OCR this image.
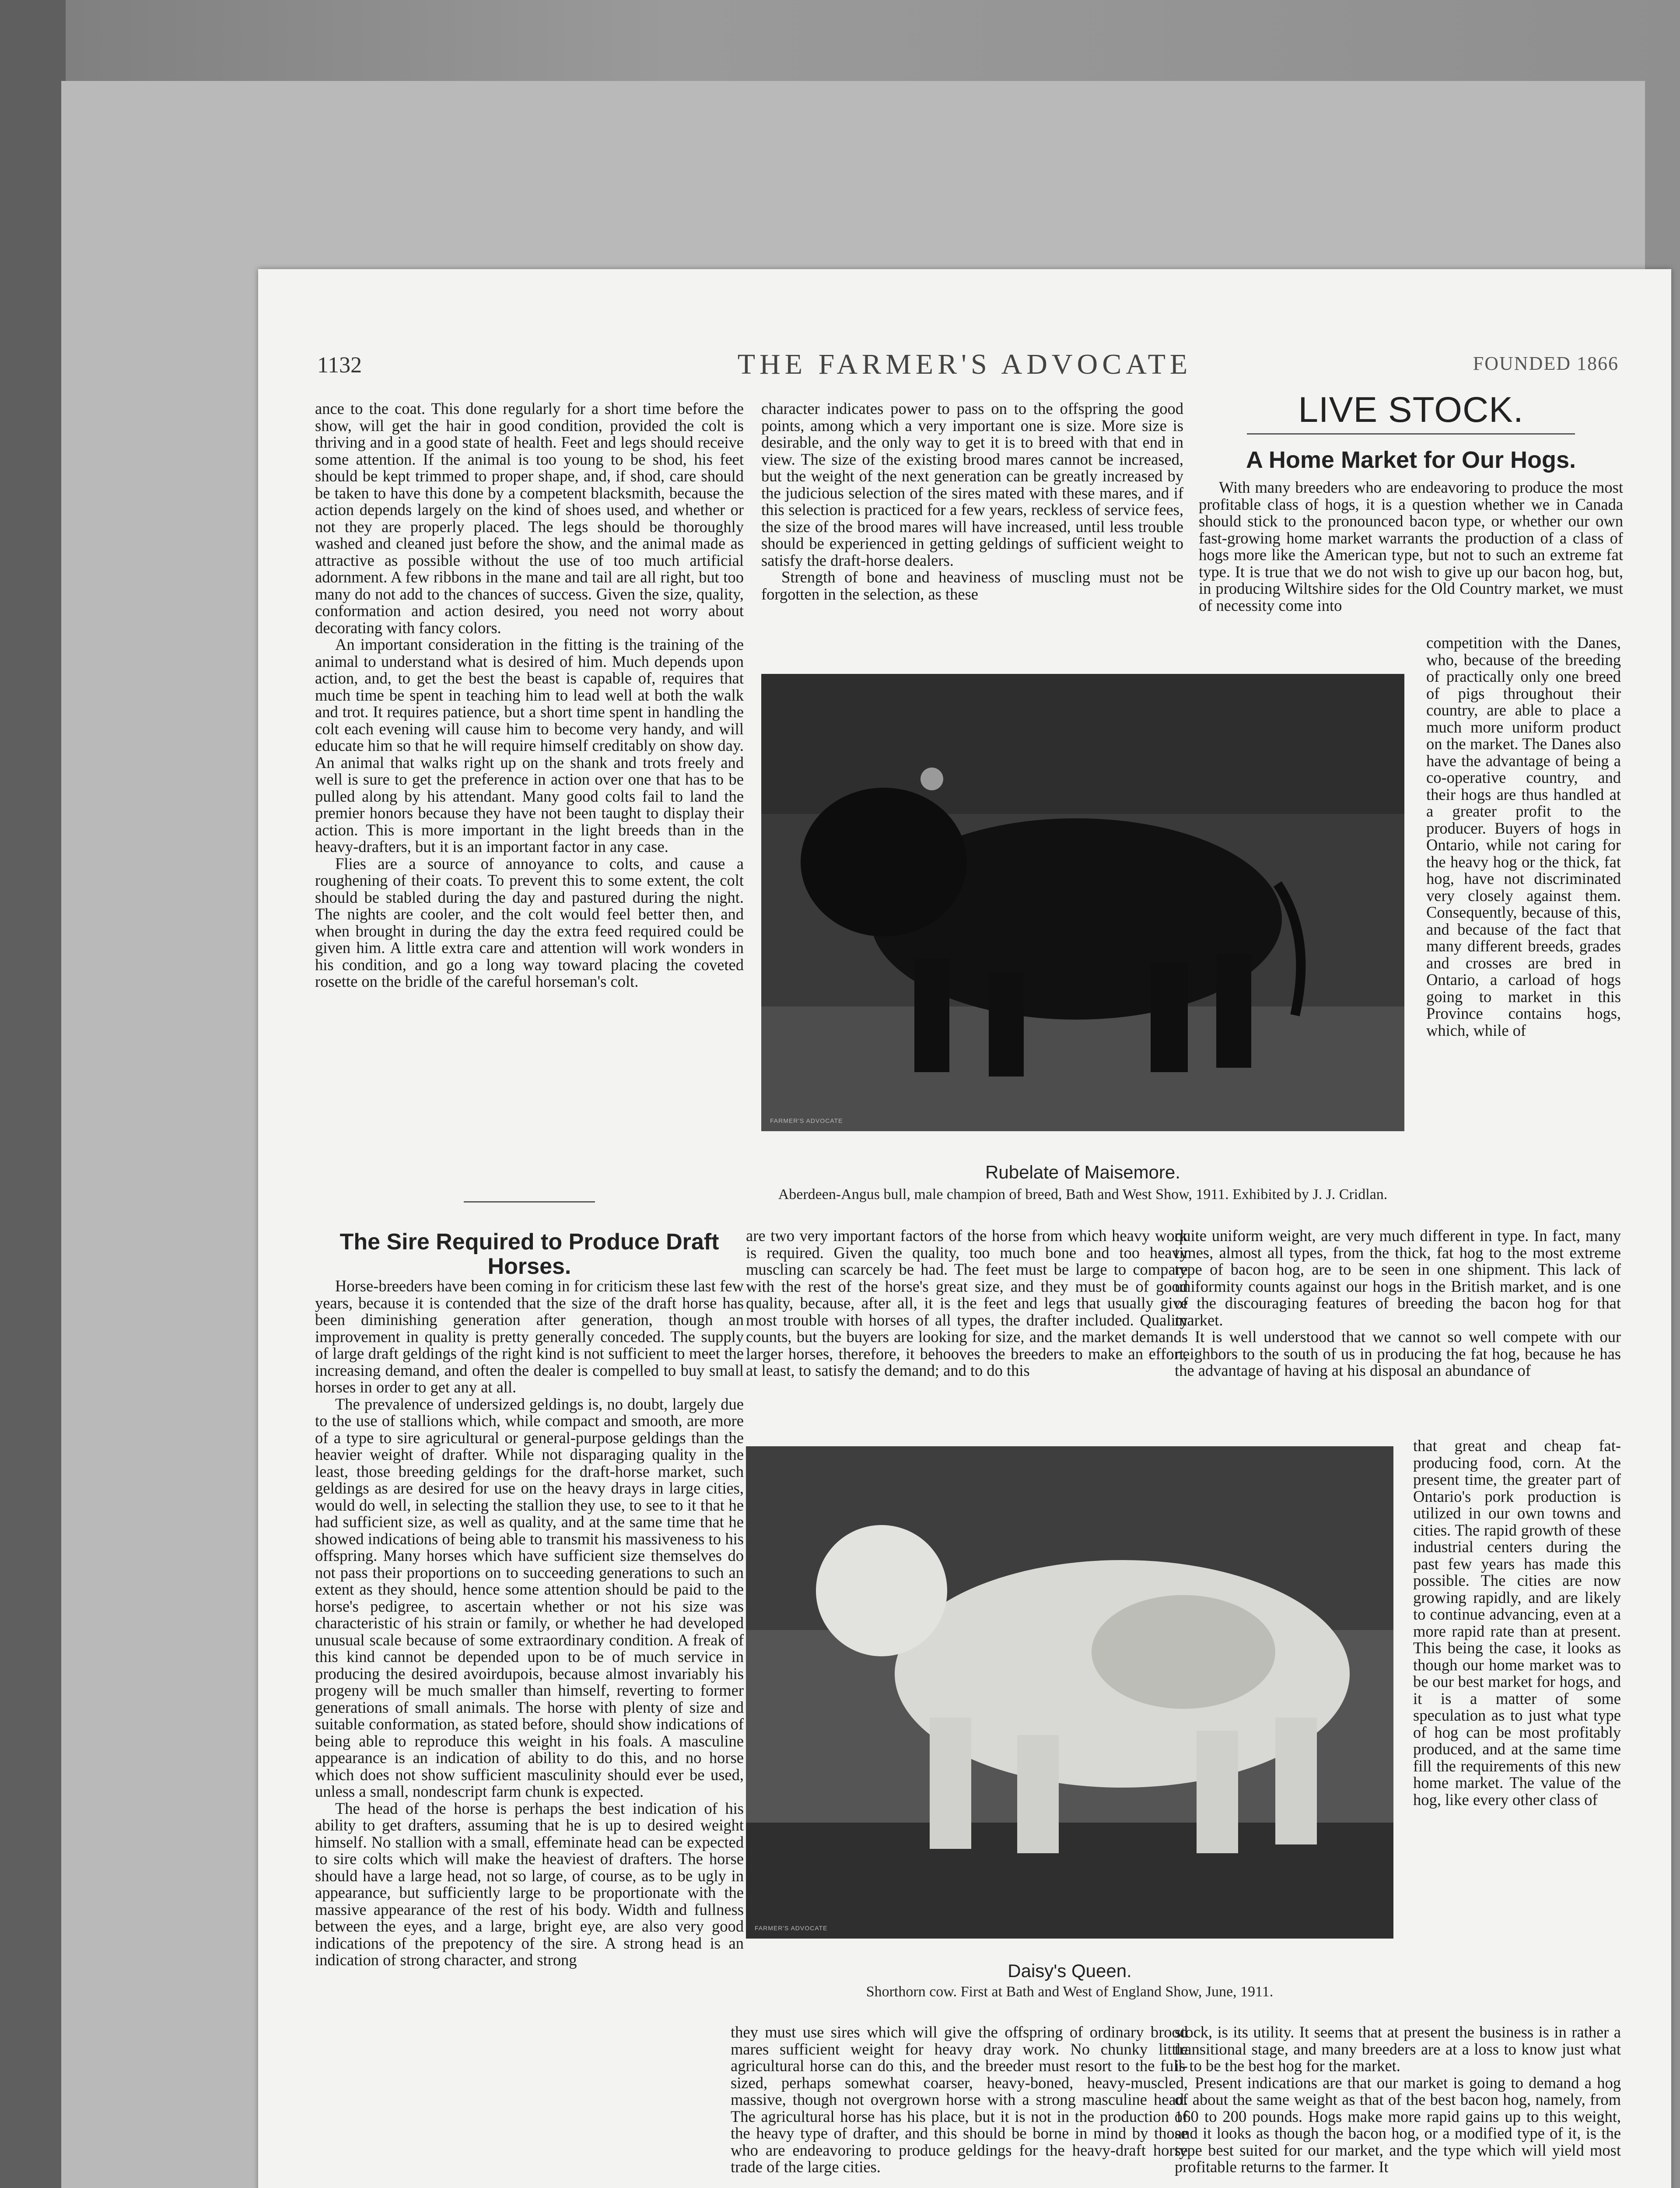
1132	THE FARMER'S ADVOCATE	FOUNDED 1866

ance to the coat. This done regularly for a short time before the show, will get the hair in good condition, provided the colt is thriving and in a good state of health. Feet and legs should receive some attention. If the animal is too young to be shod, his feet should be kept trimmed to proper shape, and, if shod, care should be taken to have this done by a competent blacksmith, because the action depends largely on the kind of shoes used, and whether or not they are properly placed. The legs should be thoroughly washed and cleaned just before the show, and the animal made as attractive as possible without the use of too much artificial adornment. A few ribbons in the mane and tail are all right, but too many do not add to the chances of success. Given the size, quality, conformation and action desired, you need not worry about decorating with fancy colors.

An important consideration in the fitting is the training of the animal to understand what is desired of him. Much depends upon action, and, to get the best the beast is capable of, requires that much time be spent in teaching him to lead well at both the walk and trot. It requires patience, but a short time spent in handling the colt each evening will cause him to become very handy, and will educate him so that he will require himself creditably on show day. An animal that walks right up on the shank and trots freely and well is sure to get the preference in action over one that has to be pulled along by his attendant. Many good colts fail to land the premier honors because they have not been taught to display their action. This is more important in the light breeds than in the heavy-drafters, but it is an important factor in any case.

Flies are a source of annoyance to colts, and cause a roughening of their coats. To prevent this to some extent, the colt should be stabled during the day and pastured during the night. The nights are cooler, and the colt would feel better then, and when brought in during the day the extra feed required could be given him. A little extra care and attention will work wonders in his condition, and go a long way toward placing the coveted rosette on the bridle of the careful horseman's colt.

The Sire Required to Produce Draft Horses.

Horse-breeders have been coming in for criticism these last few years, because it is contended that the size of the draft horse has been diminishing generation after generation, though an improvement in quality is pretty generally conceded. The supply of large draft geldings of the right kind is not sufficient to meet the increasing demand, and often the dealer is compelled to buy small horses in order to get any at all.

The prevalence of undersized geldings is, no doubt, largely due to the use of stallions which, while compact and smooth, are more of a type to sire agricultural or general-purpose geldings than the heavier weight of drafter. While not disparaging quality in the least, those breeding geldings for the draft-horse market, such geldings as are desired for use on the heavy drays in large cities, would do well, in selecting the stallion they use, to see to it that he had sufficient size, as well as quality, and at the same time that he showed indications of being able to transmit his massiveness to his offspring. Many horses which have sufficient size themselves do not pass their proportions on to succeeding generations to such an extent as they should, hence some attention should be paid to the horse's pedigree, to ascertain whether or not his size was characteristic of his strain or family, or whether he had developed unusual scale because of some extraordinary condition. A freak of this kind cannot be depended upon to be of much service in producing the desired avoirdupois, because almost invariably his progeny will be much smaller than himself, reverting to former generations of small animals. The horse with plenty of size and suitable conformation, as stated before, should show indications of being able to reproduce this weight in his foals. A masculine appearance is an indication of ability to do this, and no horse which does not show sufficient masculinity should ever be used, unless a small, nondescript farm chunk is expected.

The head of the horse is perhaps the best indication of his ability to get drafters, assuming that he is up to desired weight himself. No stallion with a small, effeminate head can be expected to sire colts which will make the heaviest of drafters. The horse should have a large head, not so large, of course, as to be ugly in appearance, but sufficiently large to be proportionate with the massive appearance of the rest of his body. Width and fullness between the eyes, and a large, bright eye, are also very good indications of the prepotency of the sire. A strong head is an indication of strong character, and strong

character indicates power to pass on to the offspring the good points, among which a very important one is size. More size is desirable, and the only way to get it is to breed with that end in view. The size of the existing brood mares cannot be increased, but the weight of the next generation can be greatly increased by the judicious selection of the sires mated with these mares, and if this selection is practiced for a few years, reckless of service fees, the size of the brood mares will have increased, until less trouble should be experienced in getting geldings of sufficient weight to satisfy the draft-horse dealers.

Strength of bone and heaviness of muscling must not be forgotten in the selection, as these

FARMER'S ADVOCATE
Rubelate of Maisemore.
Aberdeen-Angus bull, male champion of breed, Bath and West Show, 1911. Exhibited by J. J. Cridlan.

are two very important factors of the horse from which heavy work is required. Given the quality, too much bone and too heavy muscling can scarcely be had. The feet must be large to compare with the rest of the horse's great size, and they must be of good quality, because, after all, it is the feet and legs that usually give most trouble with horses of all types, the drafter included. Quality counts, but the buyers are looking for size, and the market demands larger horses, therefore, it behooves the breeders to make an effort, at least, to satisfy the demand; and to do this

FARMER'S ADVOCATE
Daisy's Queen.
Shorthorn cow. First at Bath and West of England Show, June, 1911.

they must use sires which will give the offspring of ordinary brood mares sufficient weight for heavy dray work. No chunky little agricultural horse can do this, and the breeder must resort to the full-sized, perhaps somewhat coarser, heavy-boned, heavy-muscled, massive, though not overgrown horse with a strong masculine head. The agricultural horse has his place, but it is not in the production of the heavy type of drafter, and this should be borne in mind by those who are endeavoring to produce geldings for the heavy-draft horse trade of the large cities.

LIVE STOCK.
A Home Market for Our Hogs.

With many breeders who are endeavoring to produce the most profitable class of hogs, it is a question whether we in Canada should stick to the pronounced bacon type, or whether our own fast-growing home market warrants the production of a class of hogs more like the American type, but not to such an extreme fat type. It is true that we do not wish to give up our bacon hog, but, in producing Wiltshire sides for the Old Country market, we must of necessity come into

competition with the Danes, who, because of the breeding of practically only one breed of pigs throughout their country, are able to place a much more uniform product on the market. The Danes also have the advantage of being a co-operative country, and their hogs are thus handled at a greater profit to the producer. Buyers of hogs in Ontario, while not caring for the heavy hog or the thick, fat hog, have not discriminated very closely against them. Consequently, because of this, and because of the fact that many different breeds, grades and crosses are bred in Ontario, a carload of hogs going to market in this Province contains hogs, which, while of

quite uniform weight, are very much different in type. In fact, many times, almost all types, from the thick, fat hog to the most extreme type of bacon hog, are to be seen in one shipment. This lack of uniformity counts against our hogs in the British market, and is one of the discouraging features of breeding the bacon hog for that market.

It is well understood that we cannot so well compete with our neighbors to the south of us in producing the fat hog, because he has the advantage of having at his disposal an abundance of

that great and cheap fat-producing food, corn. At the present time, the greater part of Ontario's pork production is utilized in our own towns and cities. The rapid growth of these industrial centers during the past few years has made this possible. The cities are now growing rapidly, and are likely to continue advancing, even at a more rapid rate than at present. This being the case, it looks as though our home market was to be our best market for hogs, and it is a matter of some speculation as to just what type of hog can be most profitably produced, and at the same time fill the requirements of this new home market. The value of the hog, like every other class of

stock, is its utility. It seems that at present the business is in rather a transitional stage, and many breeders are at a loss to know just what is to be the best hog for the market.

Present indications are that our market is going to demand a hog of about the same weight as that of the best bacon hog, namely, from 160 to 200 pounds. Hogs make more rapid gains up to this weight, and it looks as though the bacon hog, or a modified type of it, is the type best suited for our market, and the type which will yield most profitable returns to the farmer. It
